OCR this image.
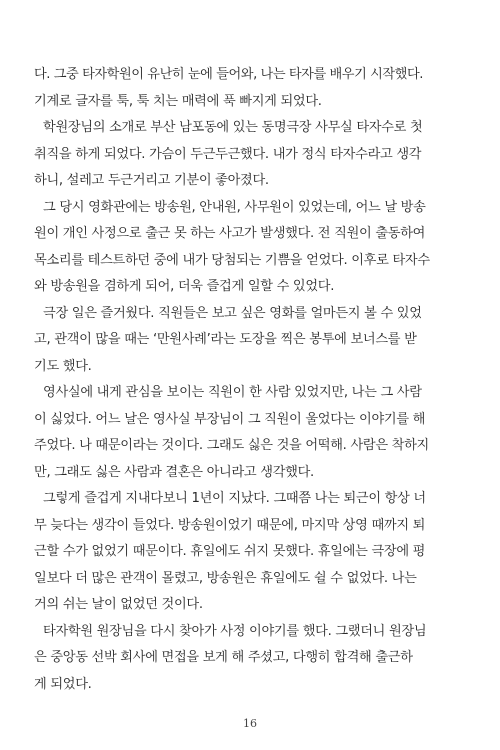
다. 그중 타자학원이 유난히 눈에 들어와, 나는 타자를 배우기 시작했다.
기계로 글자를 툭, 툭 치는 매력에 푹 빠지게 되었다.
학원장님의 소개로 부산 남포동에 있는 동명극장 사무실 타자수로 첫
취직을 하게 되었다. 가슴이 두근두근했다. 내가 정식 타자수라고 생각
하니, 설레고 두근거리고 기분이 좋아졌다.
그 당시 영화관에는 방송원, 안내원, 사무원이 있었는데, 어느 날 방송
원이 개인 사정으로 출근 못 하는 사고가 발생했다. 전 직원이 출동하여
목소리를 테스트하던 중에 내가 당첨되는 기쁨을 얻었다. 이후로 타자수
와 방송원을 겸하게 되어, 더욱 즐겁게 일할 수 있었다.
극장 일은 즐거웠다. 직원들은 보고 싶은 영화를 얼마든지 볼 수 있었
고, 관객이 많을 때는 ‘만원사례’라는 도장을 찍은 봉투에 보너스를 받
기도 했다.
영사실에 내게 관심을 보이는 직원이 한 사람 있었지만, 나는 그 사람
이 싫었다. 어느 날은 영사실 부장님이 그 직원이 울었다는 이야기를 해
주었다. 나 때문이라는 것이다. 그래도 싫은 것을 어떡해. 사람은 착하지
만, 그래도 싫은 사람과 결혼은 아니라고 생각했다.
그렇게 즐겁게 지내다보니 1년이 지났다. 그때쯤 나는 퇴근이 항상 너
무 늦다는 생각이 들었다. 방송원이었기 때문에, 마지막 상영 때까지 퇴
근할 수가 없었기 때문이다. 휴일에도 쉬지 못했다. 휴일에는 극장에 평
일보다 더 많은 관객이 몰렸고, 방송원은 휴일에도 쉴 수 없었다. 나는
거의 쉬는 날이 없었던 것이다.
타자학원 원장님을 다시 찾아가 사정 이야기를 했다. 그랬더니 원장님
은 중앙동 선박 회사에 면접을 보게 해 주셨고, 다행히 합격해 출근하
게 되었다.
16
